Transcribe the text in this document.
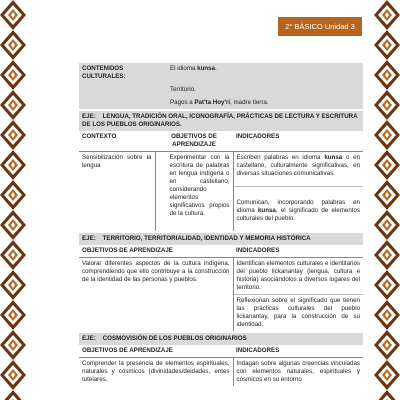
2° BÁSICO Unidad 3
CONTENIDOS CULTURALES:	El idioma kunsa.
	Territorio.
	Pagos a Pat'ta Hoy'ri, madre tierra.
EJE: LENGUA, TRADICIÓN ORAL, ICONOGRAFÍA, PRÁCTICAS DE LECTURA Y ESCRITURA DE LOS PUEBLOS ORIGINARIOS.		
CONTEXTO	OBJETIVOS DE APRENDIZAJE	INDICADORES
Sensibilización sobre la lengua	Experimentar con la escritura de palabras en lengua indígena o en castellano, considerando elementos significativos propios de la cultura.	Escriben palabras en idioma kunsa o en castellano, culturalmente significativas, en diversas situaciones comunicativas.
		Comunican, incorporando palabras en idioma kunsa, el significado de elementos culturales del pueblo.
EJE: TERRITORIO, TERRITORIALIDAD, IDENTIDAD Y MEMORIA HISTÓRICA	
OBJETIVOS DE APRENDIZAJE	INDICADORES
Valorar diferentes aspectos de la cultura indígena, comprendiendo que ello contribuye a la construcción de la identidad de las personas y pueblos.	Identifican elementos culturales e identitarios del pueblo lickanantay (lengua, cultura e historia) asociándolos a diversos lugares del territorio.
	Reflexionan sobre el significado que tienen las prácticas culturales del pueblo lickanantay, para la construcción de su identidad.
EJE: COSMOVISIÓN DE LOS PUEBLOS ORIGINARIOS	
OBJETIVOS DE APRENDIZAJE	INDICADORES
Comprender la presencia de elementos espirituales, naturales y cósmicos (divinidades/deidades, entes tutelares,	Indagan sobre algunas creencias vinculadas con elementos naturales, espirituales y cósmicos en su entorno
